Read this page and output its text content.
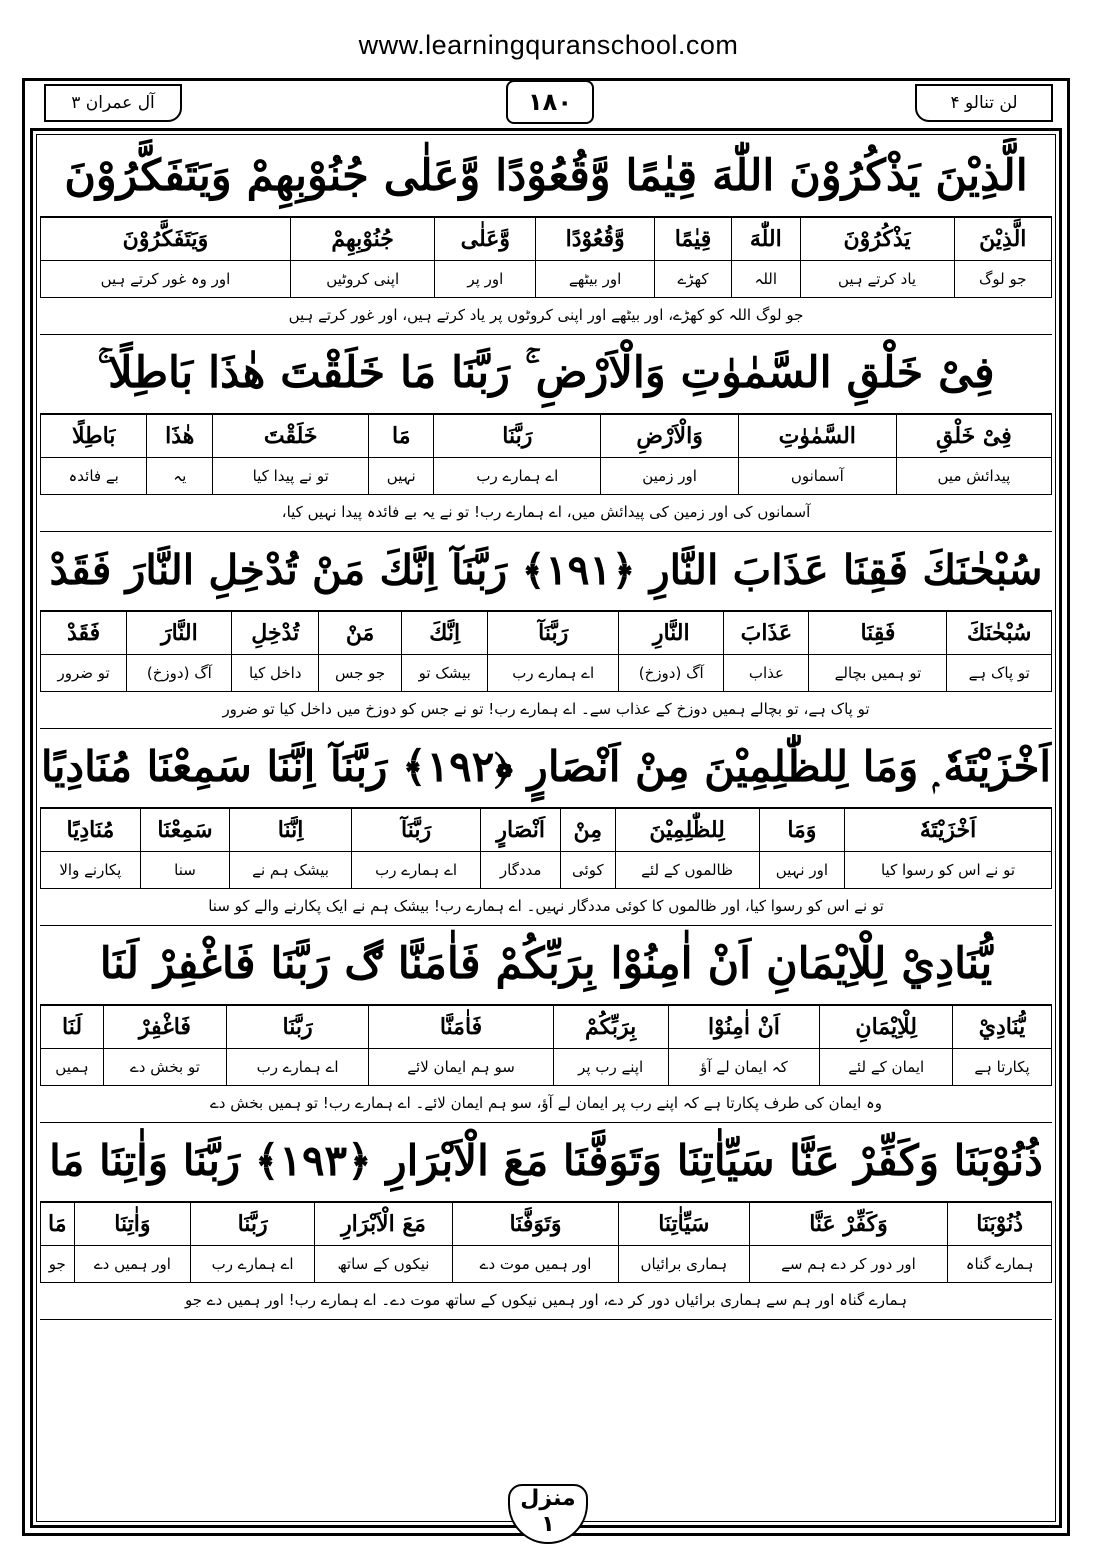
www.learningquranschool.com
لن تنالو ۴
۱۸۰
آل عمران ۳
الَّذِيْنَ يَذْكُرُوْنَ اللّٰهَ قِيٰمًا وَّقُعُوْدًا وَّعَلٰى جُنُوْبِهِمْ وَيَتَفَكَّرُوْنَ
الَّذِيْنَ	يَذْكُرُوْنَ	اللّٰهَ	قِيٰمًا	وَّقُعُوْدًا	وَّعَلٰى	جُنُوْبِهِمْ	وَيَتَفَكَّرُوْنَ
جو لوگ	یاد کرتے ہیں	اللہ	کھڑے	اور بیٹھے	اور پر	اپنی کروٹیں	اور وہ غور کرتے ہیں
جو لوگ اللہ کو کھڑے، اور بیٹھے اور اپنی کروٹوں پر یاد کرتے ہیں، اور غور کرتے ہیں
فِىْ خَلْقِ السَّمٰوٰتِ وَالْاَرْضِ ۚ رَبَّنَا مَا خَلَقْتَ هٰذَا بَاطِلًا ۚ
فِىْ خَلْقِ	السَّمٰوٰتِ	وَالْاَرْضِ	رَبَّنَا	مَا	خَلَقْتَ	هٰذَا	بَاطِلًا
پیدائش میں	آسمانوں	اور زمین	اے ہمارے رب	نہیں	تو نے پیدا کیا	یہ	بے فائدہ
آسمانوں کی اور زمین کی پیدائش میں، اے ہمارے رب! تو نے یہ بے فائدہ پیدا نہیں کیا،
سُبْحٰنَكَ فَقِنَا عَذَابَ النَّارِ ﴿۱۹۱﴾ رَبَّنَآ اِنَّكَ مَنْ تُدْخِلِ النَّارَ فَقَدْ
سُبْحٰنَكَ	فَقِنَا	عَذَابَ	النَّارِ	رَبَّنَآ	اِنَّكَ	مَنْ	تُدْخِلِ	النَّارَ	فَقَدْ
تو پاک ہے	تو ہمیں بچالے	عذاب	آگ (دوزخ)	اے ہمارے رب	بیشک تو	جو جس	داخل کیا	آگ (دوزخ)	تو ضرور
تو پاک ہے، تو بچالے ہمیں دوزخ کے عذاب سے۔ اے ہمارے رب! تو نے جس کو دوزخ میں داخل کیا تو ضرور
اَخْزَيْتَهٗ ۭ وَمَا لِلظّٰلِمِيْنَ مِنْ اَنْصَارٍ ﴿۱۹۲﴾ رَبَّنَآ اِنَّنَا سَمِعْنَا مُنَادِيًا
اَخْزَيْتَهٗ	وَمَا	لِلظّٰلِمِيْنَ	مِنْ	اَنْصَارٍ	رَبَّنَآ	اِنَّنَا	سَمِعْنَا	مُنَادِيًا
تو نے اس کو رسوا کیا	اور نہیں	ظالموں کے لئے	کوئی	مددگار	اے ہمارے رب	بیشک ہم نے	سنا	پکارنے والا
تو نے اس کو رسوا کیا، اور ظالموں کا کوئی مددگار نہیں۔ اے ہمارے رب! بیشک ہم نے ایک پکارنے والے کو سنا
يُّنَادِيْ لِلْاِيْمَانِ اَنْ اٰمِنُوْا بِرَبِّكُمْ فَاٰمَنَّا ڰ رَبَّنَا فَاغْفِرْ لَنَا
يُّنَادِيْ	لِلْاِيْمَانِ	اَنْ اٰمِنُوْا	بِرَبِّكُمْ	فَاٰمَنَّا	رَبَّنَا	فَاغْفِرْ	لَنَا
پکارتا ہے	ایمان کے لئے	کہ ایمان لے آؤ	اپنے رب پر	سو ہم ایمان لائے	اے ہمارے رب	تو بخش دے	ہمیں
وہ ایمان کی طرف پکارتا ہے کہ اپنے رب پر ایمان لے آؤ، سو ہم ایمان لائے۔ اے ہمارے رب! تو ہمیں بخش دے
ذُنُوْبَنَا وَكَفِّرْ عَنَّا سَيِّاٰتِنَا وَتَوَفَّنَا مَعَ الْاَبْرَارِ ﴿۱۹۳﴾ رَبَّنَا وَاٰتِنَا مَا
ذُنُوْبَنَا	وَكَفِّرْ عَنَّا	سَيِّاٰتِنَا	وَتَوَفَّنَا	مَعَ الْاَبْرَارِ	رَبَّنَا	وَاٰتِنَا	مَا
ہمارے گناہ	اور دور کر دے ہم سے	ہماری برائیاں	اور ہمیں موت دے	نیکوں کے ساتھ	اے ہمارے رب	اور ہمیں دے	جو
ہمارے گناہ اور ہم سے ہماری برائیاں دور کر دے، اور ہمیں نیکوں کے ساتھ موت دے۔ اے ہمارے رب! اور ہمیں دے جو
منزل
۱
